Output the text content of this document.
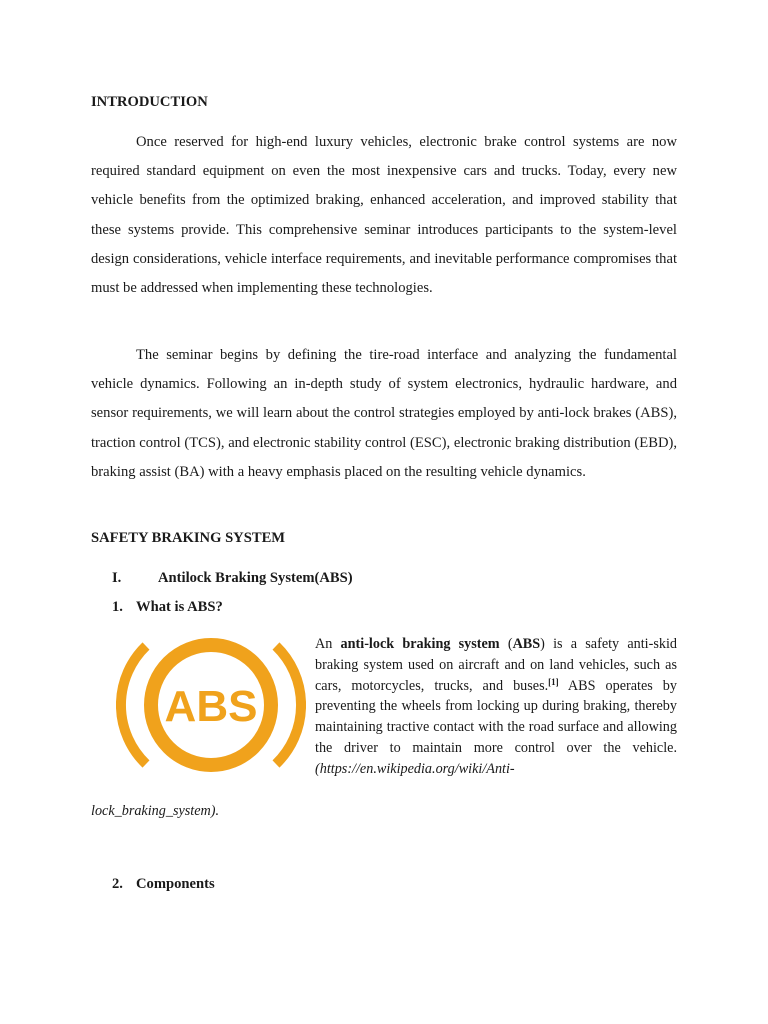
INTRODUCTION

Once reserved for high-end luxury vehicles, electronic brake control systems are now required standard equipment on even the most inexpensive cars and trucks. Today, every new vehicle benefits from the optimized braking, enhanced acceleration, and improved stability that these systems provide. This comprehensive seminar introduces participants to the system-level design considerations, vehicle interface requirements, and inevitable performance compromises that must be addressed when implementing these technologies.

The seminar begins by defining the tire-road interface and analyzing the fundamental vehicle dynamics. Following an in-depth study of system electronics, hydraulic hardware, and sensor requirements, we will learn about the control strategies employed by anti-lock brakes (ABS), traction control (TCS), and electronic stability control (ESC), electronic braking distribution (EBD), braking assist (BA) with a heavy emphasis placed on the resulting vehicle dynamics.

SAFETY BRAKING SYSTEM
I.	Antilock Braking System(ABS)
1. What is ABS?
ABS

An anti-lock braking system (ABS) is a safety anti-skid braking system used on aircraft and on land vehicles, such as cars, motorcycles, trucks, and buses.[1] ABS operates by preventing the wheels from locking up during braking, thereby maintaining tractive contact with the road surface and allowing the driver to maintain more control over the vehicle.(https://en.wikipedia.org/wiki/Anti-

lock_braking_system).

2. Components
